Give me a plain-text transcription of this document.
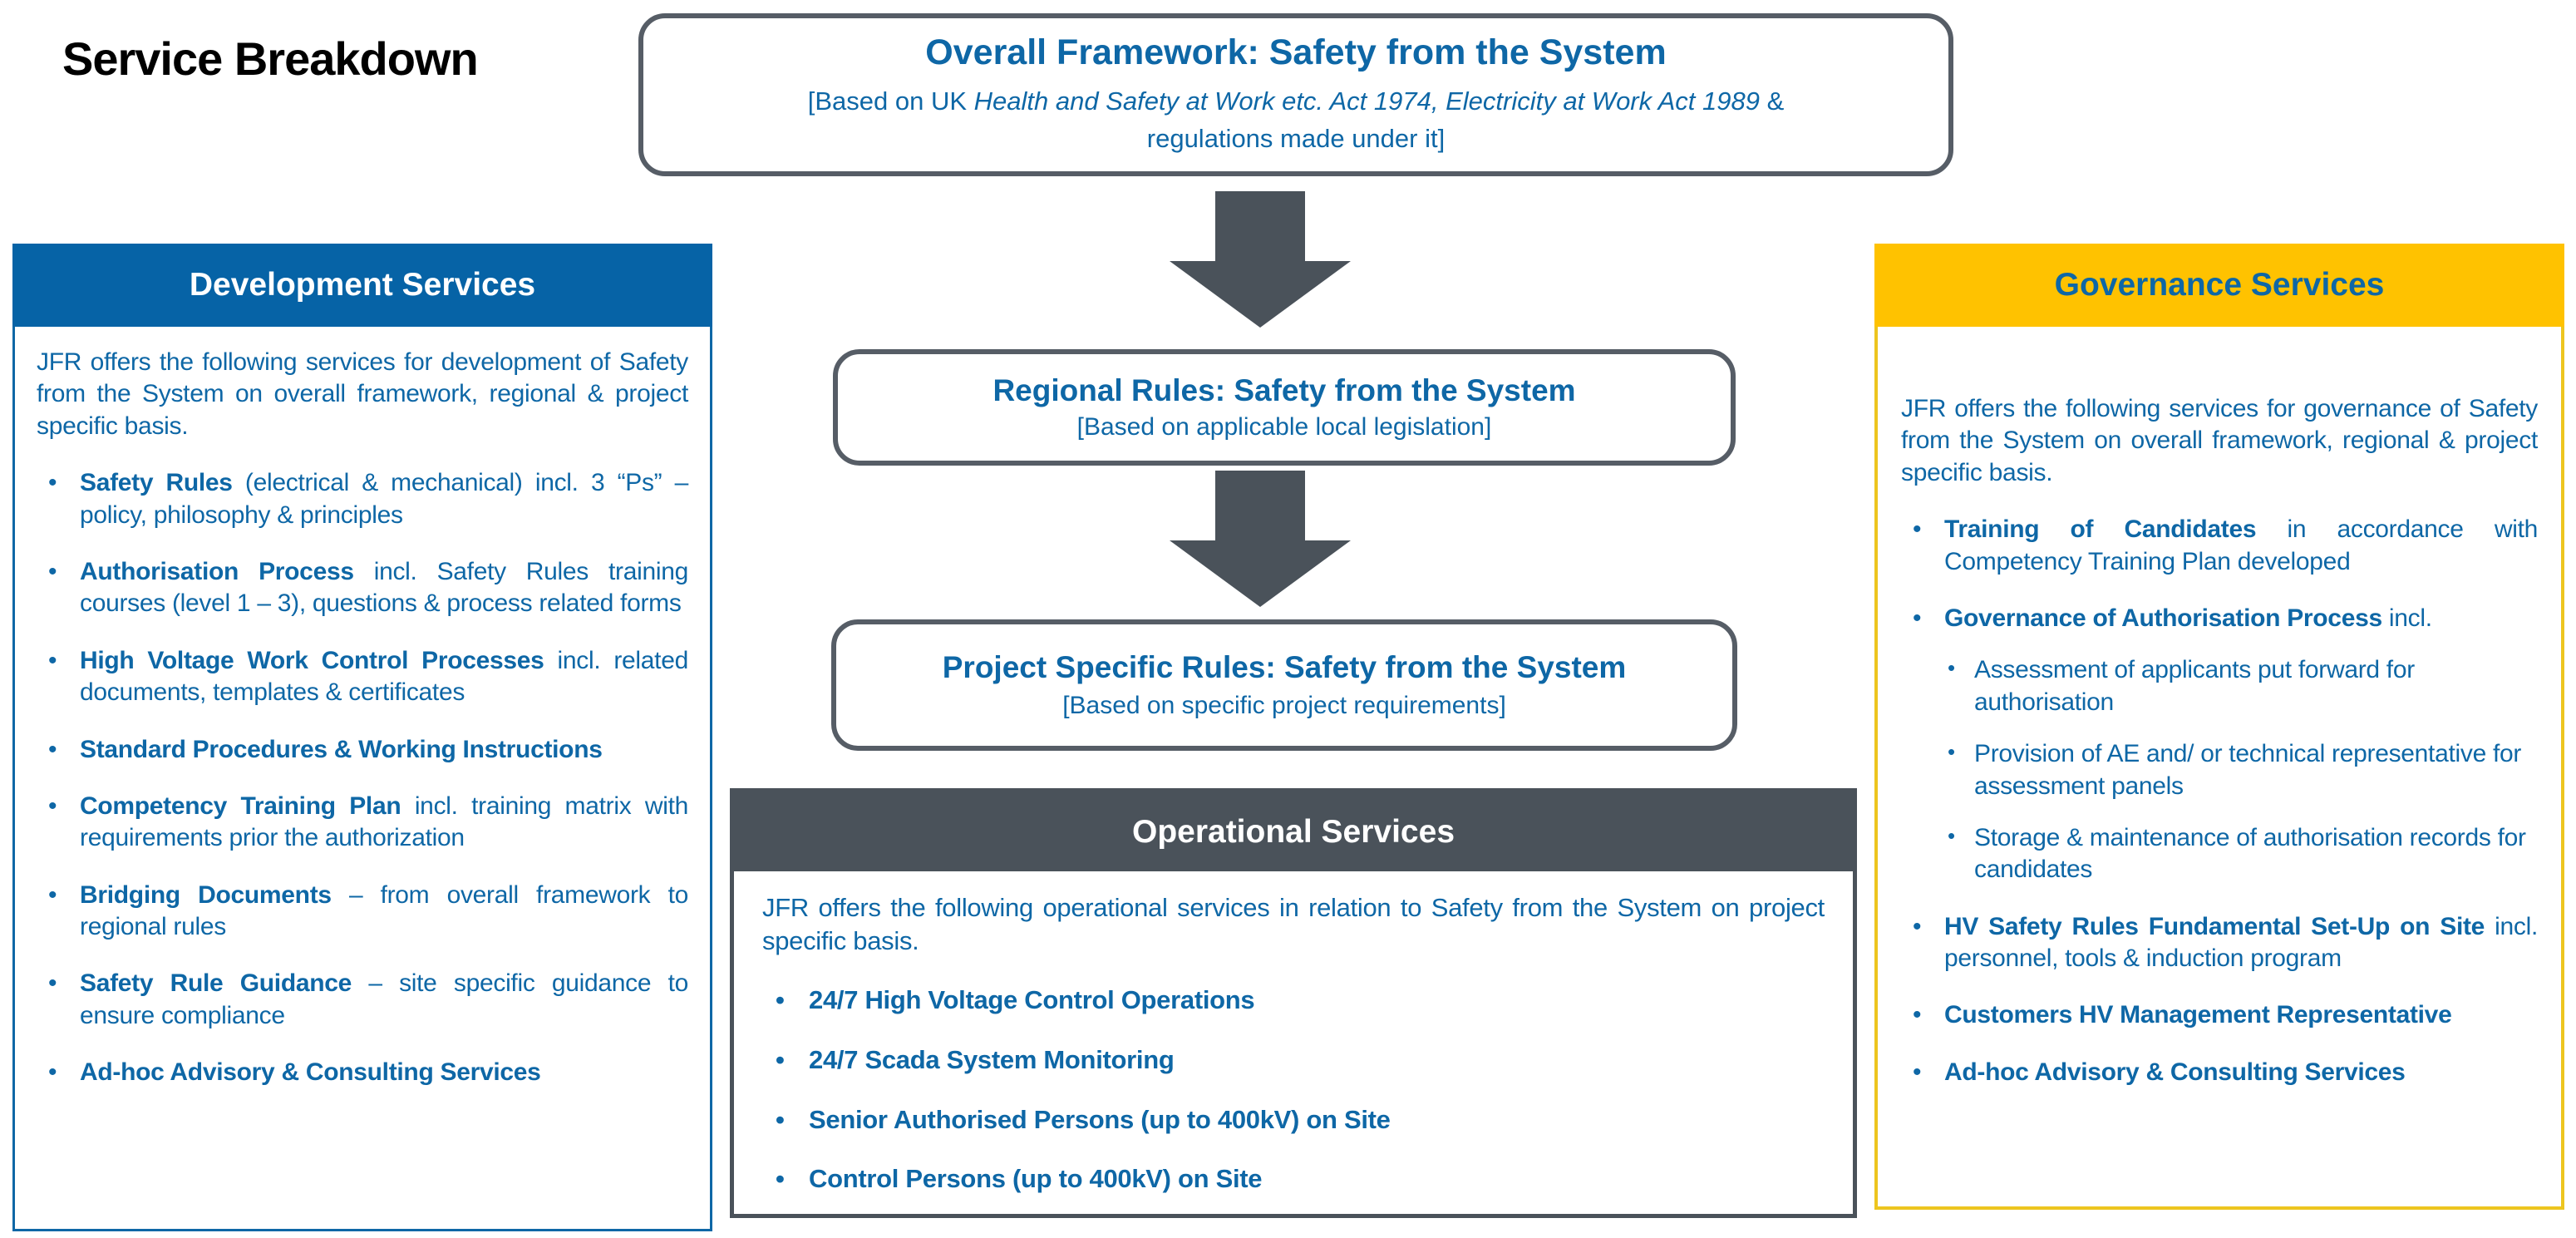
Service Breakdown	Overall Framework: Safety from the System
[Based on UK Health and Safety at Work etc. Act 1974, Electricity at Work Act 1989 &
regulations made under it]
Regional Rules: Safety from the System
[Based on applicable local legislation]
Project Specific Rules: Safety from the System
[Based on specific project requirements]
Development Services

JFR offers the following services for development of Safety from the System on overall framework, regional & project specific basis.

• Safety Rules (electrical & mechanical) incl. 3 “Ps” – policy, philosophy & principles
• Authorisation Process incl. Safety Rules training courses (level 1 – 3), questions & process related forms
• High Voltage Work Control Processes incl. related documents, templates & certificates
• Standard Procedures & Working Instructions
• Competency Training Plan incl. training matrix with requirements prior the authorization
• Bridging Documents – from overall framework to regional rules
• Safety Rule Guidance – site specific guidance to ensure compliance
• Ad-hoc Advisory & Consulting Services
Operational Services

JFR offers the following operational services in relation to Safety from the System on project specific basis.

• 24/7 High Voltage Control Operations
• 24/7 Scada System Monitoring
• Senior Authorised Persons (up to 400kV) on Site
• Control Persons (up to 400kV) on Site
Governance Services

JFR offers the following services for governance of Safety from the System on overall framework, regional & project specific basis.

• Training of Candidates in accordance with Competency Training Plan developed
• Governance of Authorisation Process incl.
• Assessment of applicants put forward for authorisation
• Provision of AE and/ or technical representative for assessment panels
• Storage & maintenance of authorisation records for candidates
• HV Safety Rules Fundamental Set-Up on Site incl. personnel, tools & induction program
• Customers HV Management Representative
• Ad-hoc Advisory & Consulting Services
